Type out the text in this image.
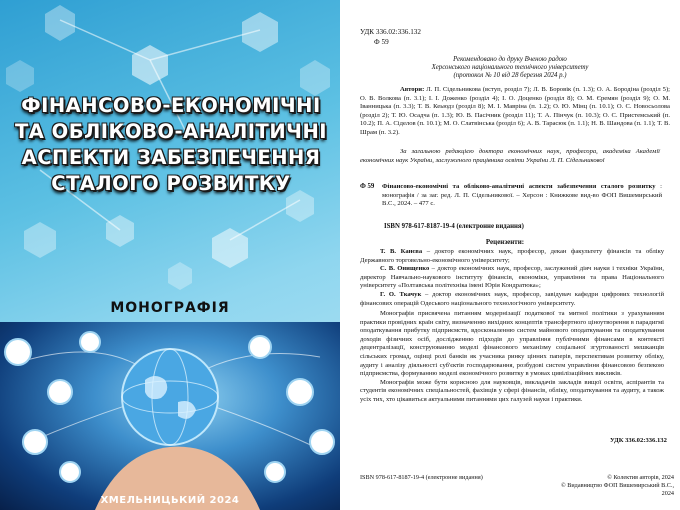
ФІНАНСОВО-ЕКОНОМІЧНІ
ТА ОБЛІКОВО-АНАЛІТИЧНІ
АСПЕКТИ ЗАБЕЗПЕЧЕННЯ
СТАЛОГО РОЗВИТКУ
МОНОГРАФІЯ
ХМЕЛЬНИЦЬКИЙ 2024
УДК 336.02:336.132
Ф 59
Рекомендовано до друку Вченою радою
Херсонського національного технічного університету
(протокол № 10 від 28 березня 2024 р.)
Автори: Л. П. Сідельникова (вступ, розділ 7); Л. В. Боровік (п. 1.3); О. А. Бородіна (розділ 5); О. В. Волкова (п. 3.1); І. І. Доженко (розділ 4); І. О. Доценко (розділ 8); О. М. Єремян (розділ 9); О. М. Іванницька (п. 3.3); Т. В. Кеьюдз (розділ 8); М. І. Мавріна (п. 1.2); О. Ю. Мінц (п. 10.1); О. С. Новосьолова (розділ 2); Т. Ю. Осадча (п. 1.3); Ю. В. Пасічник (розділ 11); Т. А. Пінчук (п. 10.3); О. С. Пристемський (п. 10.2); П. А. Сіделов (п. 10.1); М. О. Слатвінська (розділ 6); А. В. Тарасюк (п. 1.1); Н. В. Шандова (п. 1.1); Т. В. Шрам (п. 3.2).
За загальною редакцією доктора економічних наук, професора, академіка Академії економічних наук України, заслуженого працівника освіти України Л. П. Сідельникової
Ф 59 Фінансово-економічні та обліково-аналітичні аспекти забезпечення сталого розвитку : монографія / за заг. ред. Л. П. Сідельникової. – Херсон : Книжкове вид-во ФОП Вишемирський В.С., 2024. – 477 с.
ISBN 978-617-8187-19-4 (електронне видання)
Рецензенти:

Т. В. Канєва – доктор економічних наук, професор, декан факультету фінансів та обліку Державного торговельно-економічного університету;

С. В. Онищенко – доктор економічних наук, професор, заслужений діяч науки і техніки України, директор Навчально-наукового інституту фінансів, економіки, управління та права Національного університету «Полтавська політехніка імені Юрія Кондратюка»;

Г. О. Ткачук – доктор економічних наук, професор, завідувач кафедри цифрових технологій фінансових операцій Одеського національного технологічного університету.

Монографія присвячена питанням модернізації податкової та митної політики з урахуванням практики провідних країн світу, визначенню вихідних концептів трансфертного ціноутворення в парадигмі оподаткування прибутку підприємств, вдосконаленню систем майнового оподаткування та оподаткування доходів фізичних осіб, дослідженню підходів до управління публічними фінансами в контексті децентралізації, конструюванню моделі фінансового механізму соціальної згуртованості мешканців сільських громад, оцінці ролі банків як учасника ринку цінних паперів, перспективам розвитку обліку, аудиту і аналізу діяльності суб'єктів господарювання, розбудові систем управління фінансовою безпекою підприємства, формуванню моделі економічного розвитку в умовах цивілізаційних викликів.

Монографія може бути корисною для науковців, викладачів закладів вищої освіти, аспірантів та студентів економічних спеціальностей, фахівців у сфері фінансів, обліку, оподаткування та аудиту, а також усіх тих, хто цікавиться актуальними питаннями цих галузей науки і практики.

УДК 336.02:336.132
ISBN 978-617-8187-19-4 (електронне видання)	© Колектив авторів, 2024
© Видавництво ФОП Вишемирський В.С., 2024
